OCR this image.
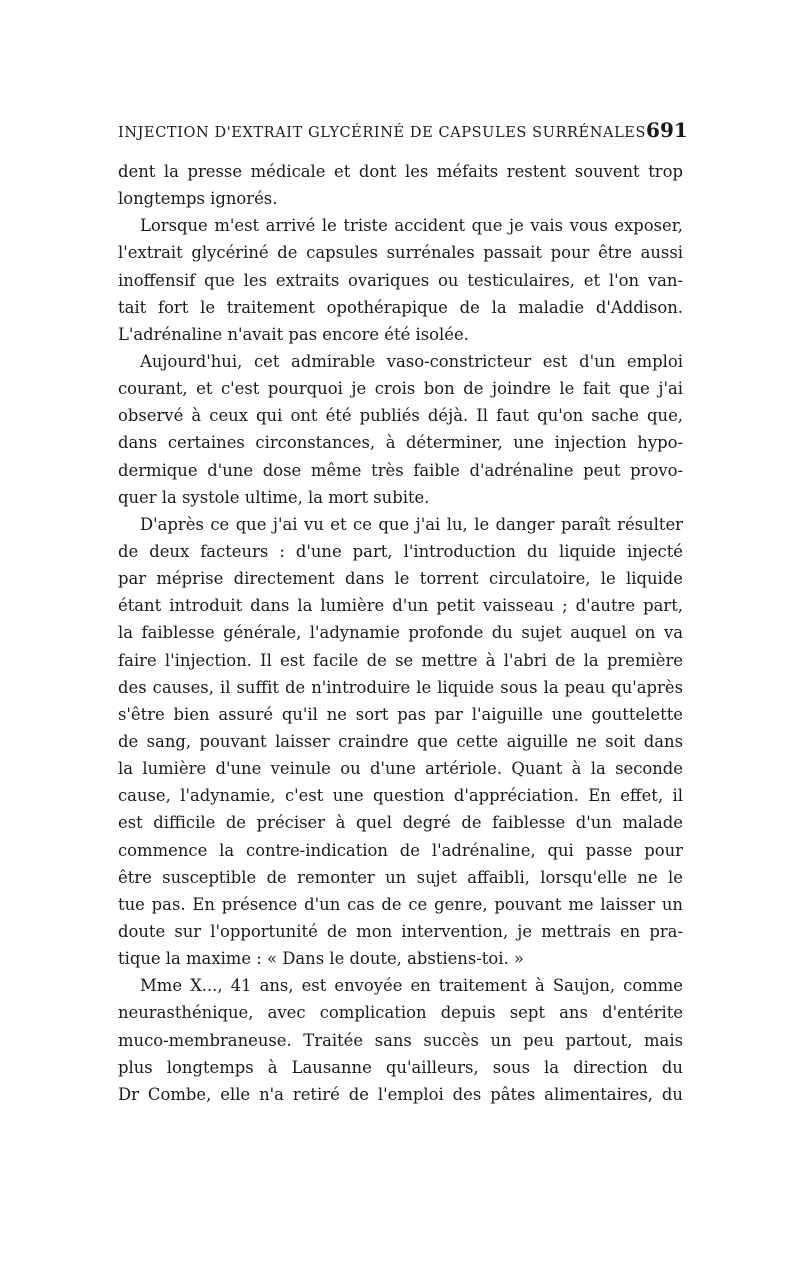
INJECTION D'EXTRAIT GLYCÉRINÉ DE CAPSULES SURRÉNALES 691
dent la presse médicale et dont les méfaits restent souvent trop
longtemps ignorés.
Lorsque m'est arrivé le triste accident que je vais vous exposer,
l'extrait glycériné de capsules surrénales passait pour être aussi
inoffensif que les extraits ovariques ou testiculaires, et l'on van-
tait fort le traitement opothérapique de la maladie d'Addison.
L'adrénaline n'avait pas encore été isolée.
Aujourd'hui, cet admirable vaso-constricteur est d'un emploi
courant, et c'est pourquoi je crois bon de joindre le fait que j'ai
observé à ceux qui ont été publiés déjà. Il faut qu'on sache que,
dans certaines circonstances, à déterminer, une injection hypo-
dermique d'une dose même très faible d'adrénaline peut provo-
quer la systole ultime, la mort subite.
D'après ce que j'ai vu et ce que j'ai lu, le danger paraît résulter
de deux facteurs : d'une part, l'introduction du liquide injecté
par méprise directement dans le torrent circulatoire, le liquide
étant introduit dans la lumière d'un petit vaisseau ; d'autre part,
la faiblesse générale, l'adynamie profonde du sujet auquel on va
faire l'injection. Il est facile de se mettre à l'abri de la première
des causes, il suffit de n'introduire le liquide sous la peau qu'après
s'être bien assuré qu'il ne sort pas par l'aiguille une gouttelette
de sang, pouvant laisser craindre que cette aiguille ne soit dans
la lumière d'une veinule ou d'une artériole. Quant à la seconde
cause, l'adynamie, c'est une question d'appréciation. En effet, il
est difficile de préciser à quel degré de faiblesse d'un malade
commence la contre-indication de l'adrénaline, qui passe pour
être susceptible de remonter un sujet affaibli, lorsqu'elle ne le
tue pas. En présence d'un cas de ce genre, pouvant me laisser un
doute sur l'opportunité de mon intervention, je mettrais en pra-
tique la maxime : « Dans le doute, abstiens-toi. »
Mme X..., 41 ans, est envoyée en traitement à Saujon, comme
neurasthénique, avec complication depuis sept ans d'entérite
muco-membraneuse. Traitée sans succès un peu partout, mais
plus longtemps à Lausanne qu'ailleurs, sous la direction du
Dr Combe, elle n'a retiré de l'emploi des pâtes alimentaires, du
